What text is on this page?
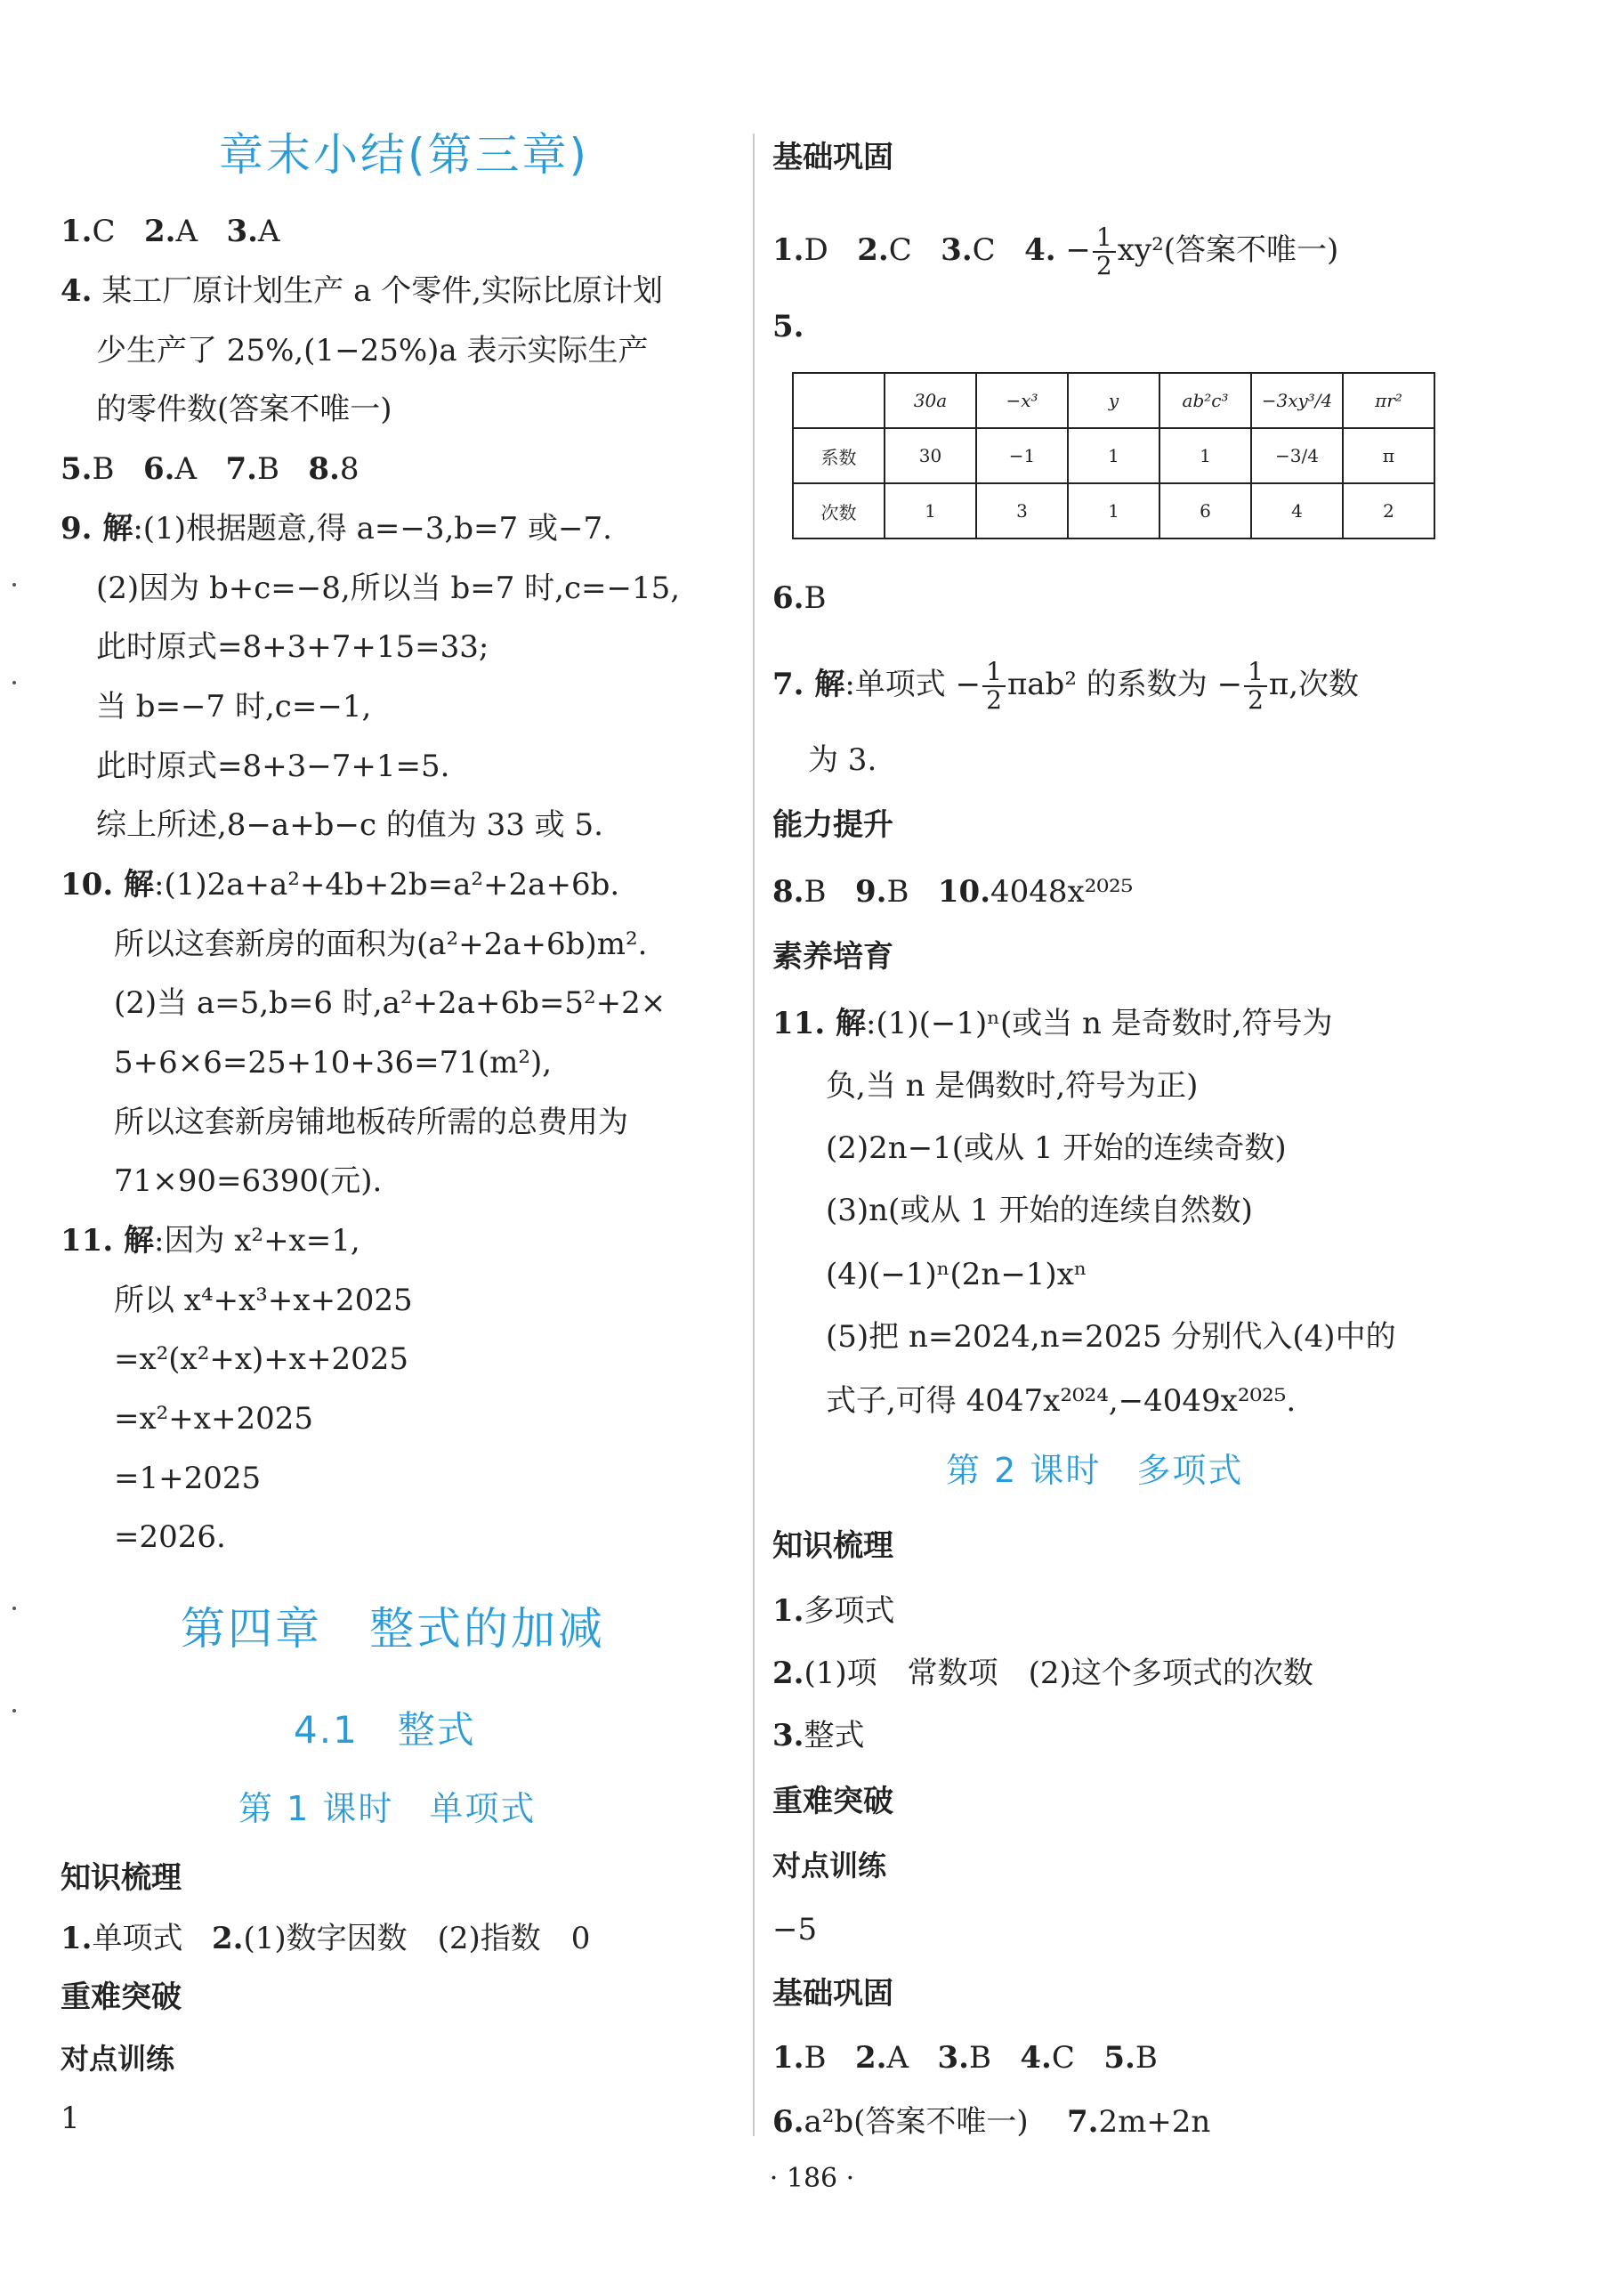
章末小结(第三章)
1.C 2.A 3.A
4. 某工厂原计划生产 a 个零件,实际比原计划
少生产了 25%,(1−25%)a 表示实际生产
的零件数(答案不唯一)
5.B 6.A 7.B 8.8
9. 解:(1)根据题意,得 a=−3,b=7 或−7.
(2)因为 b+c=−8,所以当 b=7 时,c=−15,
此时原式=8+3+7+15=33;
当 b=−7 时,c=−1,
此时原式=8+3−7+1=5.
综上所述,8−a+b−c 的值为 33 或 5.
10. 解:(1)2a+a²+4b+2b=a²+2a+6b.
所以这套新房的面积为(a²+2a+6b)m².
(2)当 a=5,b=6 时,a²+2a+6b=5²+2×
5+6×6=25+10+36=71(m²),
所以这套新房铺地板砖所需的总费用为
71×90=6390(元).
11. 解:因为 x²+x=1,
所以 x⁴+x³+x+2025
=x²(x²+x)+x+2025
=x²+x+2025
=1+2025
=2026.
第四章　整式的加减
4.1　整式
第 1 课时　单项式
知识梳理
1.单项式 2.(1)数字因数　(2)指数　0
重难突破
对点训练
1
基础巩固
1.D 2.C 3.C 4. − $\frac{1}{2} xy^2$(答案不唯一)
5.
	30a	−x³	y	ab²c³	−3xy³/4	πr²
系数	30	−1	1	1	−3/4	π
次数	1	3	1	6	4	2
6.B
7. 解:单项式 − $\frac{1}{2} \pi ab^2$ 的系数为 − $\frac{1}{2} \pi$,次数
为 3.
能力提升
8.B 9.B 10.4048x²⁰²⁵
素养培育
11. 解:(1)(−1)ⁿ(或当 n 是奇数时,符号为
负,当 n 是偶数时,符号为正)
(2)2n−1(或从 1 开始的连续奇数)
(3)n(或从 1 开始的连续自然数)
(4)(−1)ⁿ(2n−1)xⁿ
(5)把 n=2024,n=2025 分别代入(4)中的
式子,可得 4047x²⁰²⁴,−4049x²⁰²⁵.
第 2 课时　多项式
知识梳理
1.多项式
2.(1)项　常数项　(2)这个多项式的次数
3.整式
重难突破
对点训练
−5
基础巩固
1.B 2.A 3.B 4.C 5.B
6.a²b(答案不唯一) 7.2m+2n
· 186 ·
